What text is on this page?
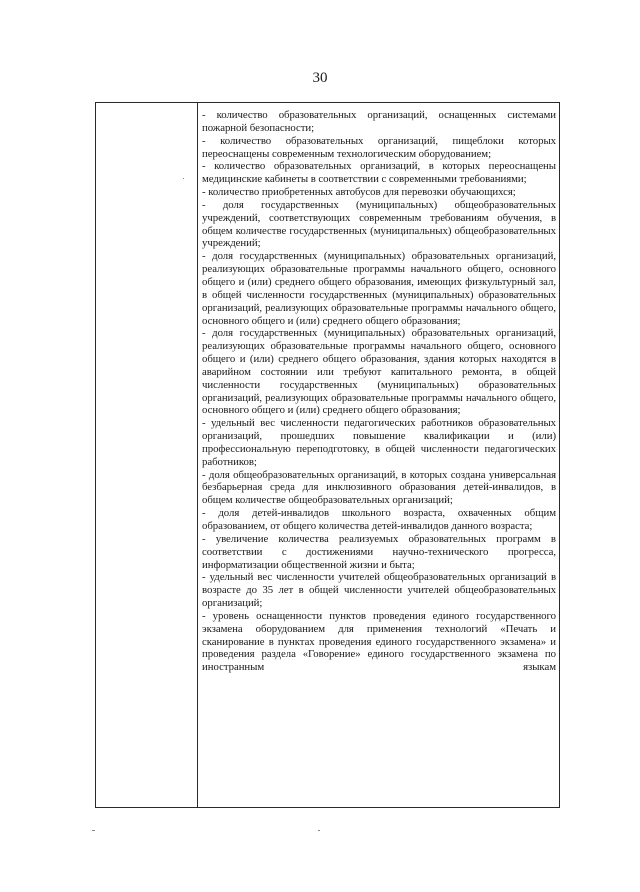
30

- количество образовательных организаций, оснащенных системами пожарной безопасности;

- количество образовательных организаций, пищеблоки которых переоснащены современным технологическим оборудованием;

- количество образовательных организаций, в которых переоснащены медицинские кабинеты в соответствии с современными требованиями;

- количество приобретенных автобусов для перевозки обучающихся;

- доля государственных (муниципальных) общеобразовательных учреждений, соответствующих современным требованиям обучения, в общем количестве государственных (муниципальных) общеобразовательных учреждений;

- доля государственных (муниципальных) образовательных организаций, реализующих образовательные программы начального общего, основного общего и (или) среднего общего образования, имеющих физкультурный зал, в общей численности государственных (муниципальных) образовательных организаций, реализующих образовательные программы начального общего, основного общего и (или) среднего общего образования;

- доля государственных (муниципальных) образовательных организаций, реализующих образовательные программы начального общего, основного общего и (или) среднего общего образования, здания которых находятся в аварийном состоянии или требуют капитального ремонта, в общей численности государственных (муниципальных) образовательных организаций, реализующих образовательные программы начального общего, основного общего и (или) среднего общего образования;

- удельный вес численности педагогических работников образовательных организаций, прошедших повышение квалификации и (или) профессиональную переподготовку, в общей численности педагогических работников;

- доля общеобразовательных организаций, в которых создана универсальная безбарьерная среда для инклюзивного образования детей-инвалидов, в общем количестве общеобразовательных организаций;

- доля детей-инвалидов школьного возраста, охваченных общим образованием, от общего количества детей-инвалидов данного возраста;

- увеличение количества реализуемых образовательных программ в соответствии с достижениями научно-технического прогресса, информатизации общественной жизни и быта;

- удельный вес численности учителей общеобразовательных организаций в возрасте до 35 лет в общей численности учителей общеобразовательных организаций;

- уровень оснащенности пунктов проведения единого государственного экзамена оборудованием для применения технологий «Печать и сканирование в пунктах проведения единого государственного экзамена» и проведения раздела «Говорение» единого государственного экзамена по иностранным языкам
